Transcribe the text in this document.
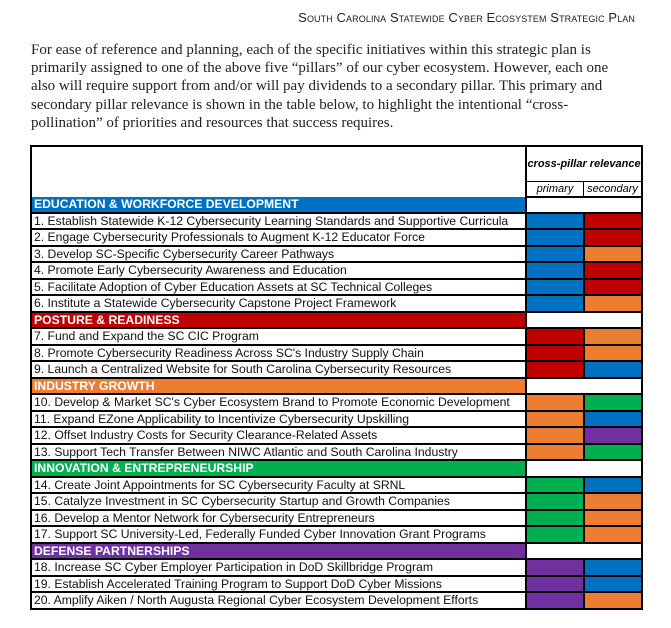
South Carolina Statewide Cyber Ecosystem Strategic Plan

For ease of reference and planning, each of the specific initiatives within this strategic plan is primarily assigned to one of the above five “pillars” of our cyber ecosystem. However, each one also will require support from and/or will pay dividends to a secondary pillar. This primary and secondary pillar relevance is shown in the table below, to highlight the intentional “cross-pollination” of priorities and resources that success requires.

	cross-pillar relevance	
	primary	secondary
EDUCATION & WORKFORCE DEVELOPMENT		
1. Establish Statewide K-12 Cybersecurity Learning Standards and Supportive Curricula		
2. Engage Cybersecurity Professionals to Augment K-12 Educator Force		
3. Develop SC-Specific Cybersecurity Career Pathways		
4. Promote Early Cybersecurity Awareness and Education		
5. Facilitate Adoption of Cyber Education Assets at SC Technical Colleges		
6. Institute a Statewide Cybersecurity Capstone Project Framework		
POSTURE & READINESS		
7. Fund and Expand the SC CIC Program		
8. Promote Cybersecurity Readiness Across SC's Industry Supply Chain		
9. Launch a Centralized Website for South Carolina Cybersecurity Resources		
INDUSTRY GROWTH		
10. Develop & Market SC's Cyber Ecosystem Brand to Promote Economic Development		
11. Expand EZone Applicability to Incentivize Cybersecurity Upskilling		
12. Offset Industry Costs for Security Clearance-Related Assets		
13. Support Tech Transfer Between NIWC Atlantic and South Carolina Industry		
INNOVATION & ENTREPRENEURSHIP		
14. Create Joint Appointments for SC Cybersecurity Faculty at SRNL		
15. Catalyze Investment in SC Cybersecurity Startup and Growth Companies		
16. Develop a Mentor Network for Cybersecurity Entrepreneurs		
17. Support SC University-Led, Federally Funded Cyber Innovation Grant Programs		
DEFENSE PARTNERSHIPS		
18. Increase SC Cyber Employer Participation in DoD Skillbridge Program		
19. Establish Accelerated Training Program to Support DoD Cyber Missions		
20. Amplify Aiken / North Augusta Regional Cyber Ecosystem Development Efforts		
